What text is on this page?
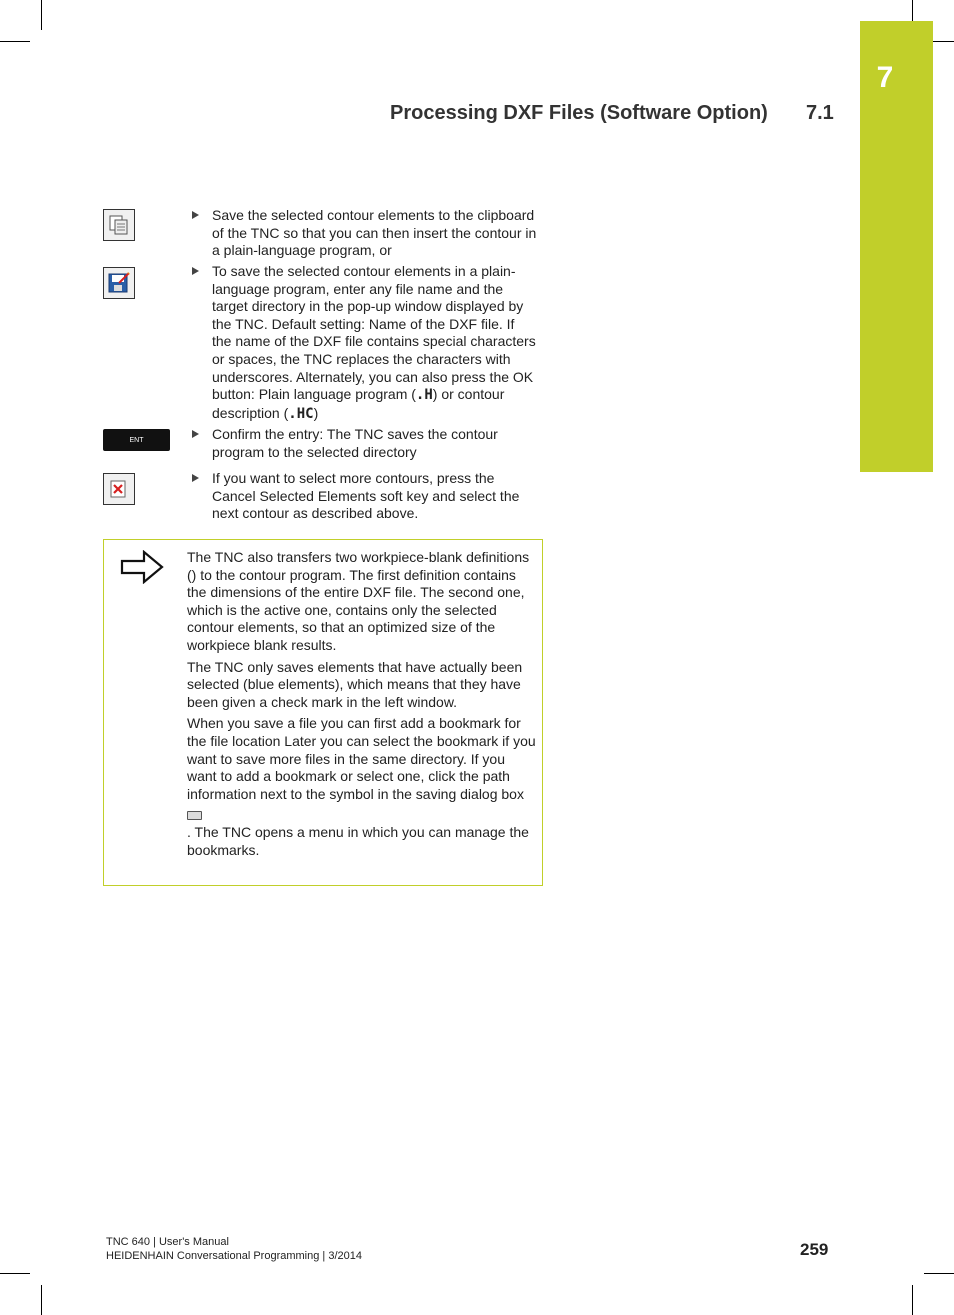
7
Processing DXF Files (Software Option) 7.1
ENT
Save the selected contour elements to the clipboard of the TNC so that you can then insert the contour in a plain-language program, or
To save the selected contour elements in a plain-language program, enter any file name and the target directory in the pop-up window displayed by the TNC. Default setting: Name of the DXF file. If the name of the DXF file contains special characters or spaces, the TNC replaces the characters with underscores. Alternately, you can also press the OK button: Plain language program (.H) or contour description (.HC)
Confirm the entry: The TNC saves the contour program to the selected directory
If you want to select more contours, press the Cancel Selected Elements soft key and select the next contour as described above.

The TNC also transfers two workpiece-blank definitions () to the contour program. The first definition contains the dimensions of the entire DXF file. The second one, which is the active one, contains only the selected contour elements, so that an optimized size of the workpiece blank results.

The TNC only saves elements that have actually been selected (blue elements), which means that they have been given a check mark in the left window.

When you save a file you can first add a bookmark for the file location Later you can select the bookmark if you want to save more files in the same directory. If you want to add a bookmark or select one, click the path information next to the symbol in the saving dialog box

. The TNC opens a menu in which you can manage the bookmarks.

TNC 640 | User's Manual
HEIDENHAIN Conversational Programming | 3/2014	259
